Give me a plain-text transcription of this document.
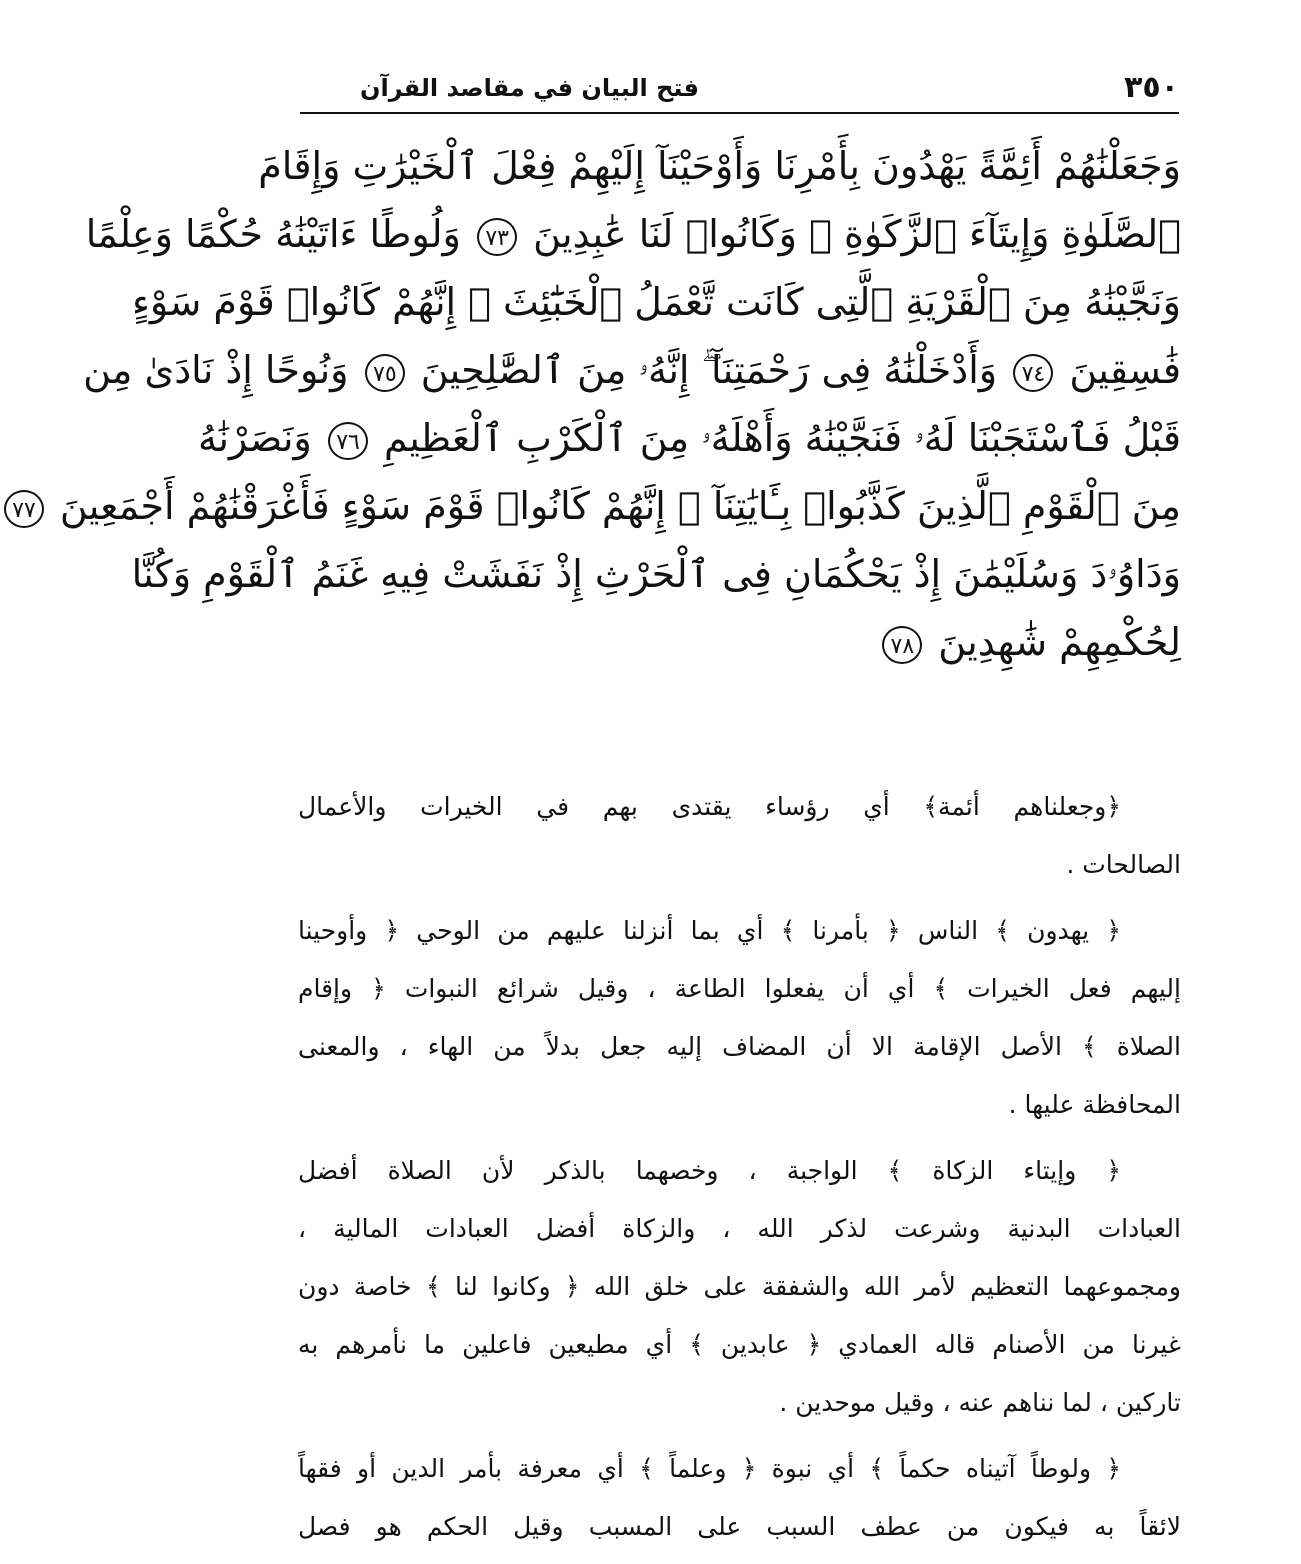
٣٥٠
فتح البيان في مقاصد القرآن
وَجَعَلْنَٰهُمْ أَئِمَّةً يَهْدُونَ بِأَمْرِنَا وَأَوْحَيْنَآ إِلَيْهِمْ فِعْلَ ٱلْخَيْرَٰتِ وَإِقَامَ
ٱلصَّلَوٰةِ وَإِيتَآءَ ٱلزَّكَوٰةِ ۖ وَكَانُوا۟ لَنَا عَٰبِدِينَ ٧٣ وَلُوطًا ءَاتَيْنَٰهُ حُكْمًا وَعِلْمًا
وَنَجَّيْنَٰهُ مِنَ ٱلْقَرْيَةِ ٱلَّتِى كَانَت تَّعْمَلُ ٱلْخَبَٰٓئِثَ ۗ إِنَّهُمْ كَانُوا۟ قَوْمَ سَوْءٍ
فَٰسِقِينَ ٧٤ وَأَدْخَلْنَٰهُ فِى رَحْمَتِنَآ ۖ إِنَّهُۥ مِنَ ٱلصَّٰلِحِينَ ٧٥ وَنُوحًا إِذْ نَادَىٰ مِن
قَبْلُ فَٱسْتَجَبْنَا لَهُۥ فَنَجَّيْنَٰهُ وَأَهْلَهُۥ مِنَ ٱلْكَرْبِ ٱلْعَظِيمِ ٧٦ وَنَصَرْنَٰهُ
مِنَ ٱلْقَوْمِ ٱلَّذِينَ كَذَّبُوا۟ بِـَٔايَٰتِنَآ ۚ إِنَّهُمْ كَانُوا۟ قَوْمَ سَوْءٍ فَأَغْرَقْنَٰهُمْ أَجْمَعِينَ ٧٧
وَدَاوُۥدَ وَسُلَيْمَٰنَ إِذْ يَحْكُمَانِ فِى ٱلْحَرْثِ إِذْ نَفَشَتْ فِيهِ غَنَمُ ٱلْقَوْمِ وَكُنَّا
لِحُكْمِهِمْ شَٰهِدِينَ ٧٨
﴿وجعلناهم أئمة﴾ أي رؤساء يقتدى بهم في الخيرات والأعمال
الصالحات .
﴿ يهدون ﴾ الناس ﴿ بأمرنا ﴾ أي بما أنزلنا عليهم من الوحي ﴿ وأوحينا
إليهم فعل الخيرات ﴾ أي أن يفعلوا الطاعة ، وقيل شرائع النبوات ﴿ وإقام
الصلاة ﴾ الأصل الإقامة الا أن المضاف إليه جعل بدلاً من الهاء ، والمعنى
المحافظة عليها .
﴿ وإيتاء الزكاة ﴾ الواجبة ، وخصهما بالذكر لأن الصلاة أفضل
العبادات البدنية وشرعت لذكر الله ، والزكاة أفضل العبادات المالية ،
ومجموعهما التعظيم لأمر الله والشفقة على خلق الله ﴿ وكانوا لنا ﴾ خاصة دون
غيرنا من الأصنام قاله العمادي ﴿ عابدين ﴾ أي مطيعين فاعلين ما نأمرهم به
تاركين ، لما نناهم عنه ، وقيل موحدين .
﴿ ولوطاً آتيناه حكماً ﴾ أي نبوة ﴿ وعلماً ﴾ أي معرفة بأمر الدين أو فقهاً
لائقاً به فيكون من عطف السبب على المسبب وقيل الحكم هو فصل
